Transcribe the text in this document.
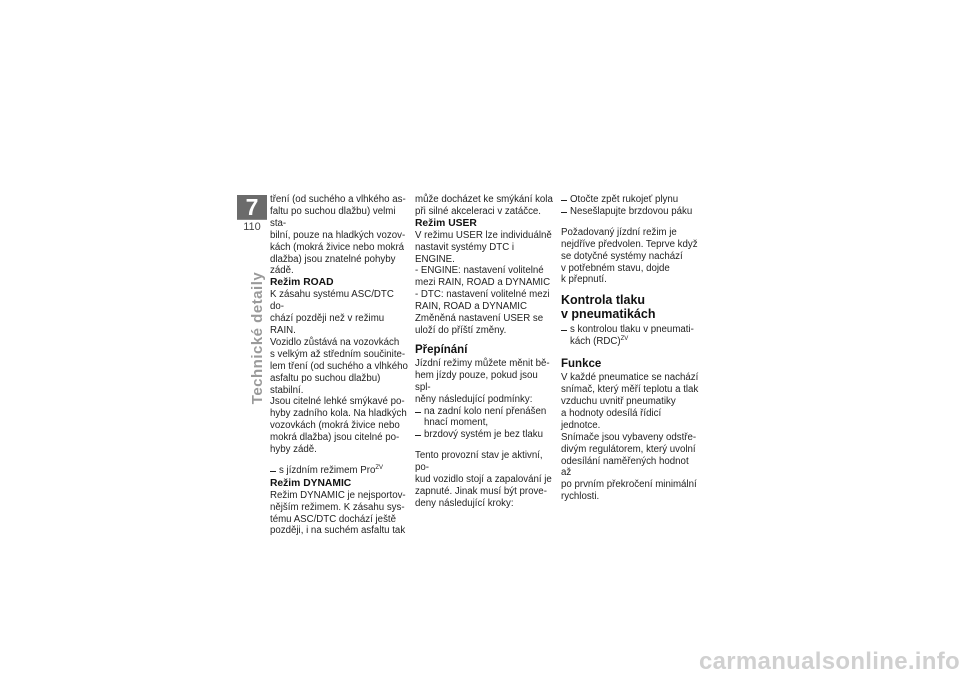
7
110
Technické detaily

tření (od suchého a vlhkého as-

faltu po suchou dlažbu) velmi sta-

bilní, pouze na hladkých vozov-

kách (mokrá živice nebo mokrá

dlažba) jsou znatelné pohyby

zádě.

Režim ROAD

K zásahu systému ASC/DTC do-

chází později než v režimu RAIN.

Vozidlo zůstává na vozovkách

s velkým až středním součinite-

lem tření (od suchého a vlhkého

asfaltu po suchou dlažbu) stabilní.

Jsou citelné lehké smýkavé po-

hyby zadního kola. Na hladkých

vozovkách (mokrá živice nebo

mokrá dlažba) jsou citelné po-

hyby zádě.

s jízdním režimem Pro$^{ZV}$

Režim DYNAMIC

Režim DYNAMIC je nejsportov-

nějším režimem. K zásahu sys-

tému ASC/DTC dochází ještě

později, i na suchém asfaltu tak

může docházet ke smýkání kola

při silné akceleraci v zatáčce.

Režim USER

V režimu USER lze individuálně

nastavit systémy DTC i ENGINE.

- ENGINE: nastavení volitelné

mezi RAIN, ROAD a DYNAMIC

- DTC: nastavení volitelné mezi

RAIN, ROAD a DYNAMIC

Změněná nastavení USER se

uloží do příští změny.

Přepínání

Jízdní režimy můžete měnit bě-

hem jízdy pouze, pokud jsou spl-

něny následující podmínky:

na zadní kolo není přenášen

hnací moment,

brzdový systém je bez tlaku

Tento provozní stav je aktivní, po-

kud vozidlo stojí a zapalování je

zapnuté. Jinak musí být prove-

deny následující kroky:

Otočte zpět rukojeť plynu

Nesešlapujte brzdovou páku

Požadovaný jízdní režim je

nejdříve předvolen. Teprve když

se dotyčné systémy nachází

v potřebném stavu, dojde

k přepnutí.

Kontrola tlaku
v pneumatikách

s kontrolou tlaku v pneumati-

kách (RDC)$^{ZV}$

Funkce

V každé pneumatice se nachází

snímač, který měří teplotu a tlak

vzduchu uvnitř pneumatiky

a hodnoty odesílá řídicí jednotce.

Snímače jsou vybaveny odstře-

divým regulátorem, který uvolní

odesílání naměřených hodnot až

po prvním překročení minimální

rychlosti.

carmanualsonline.info
